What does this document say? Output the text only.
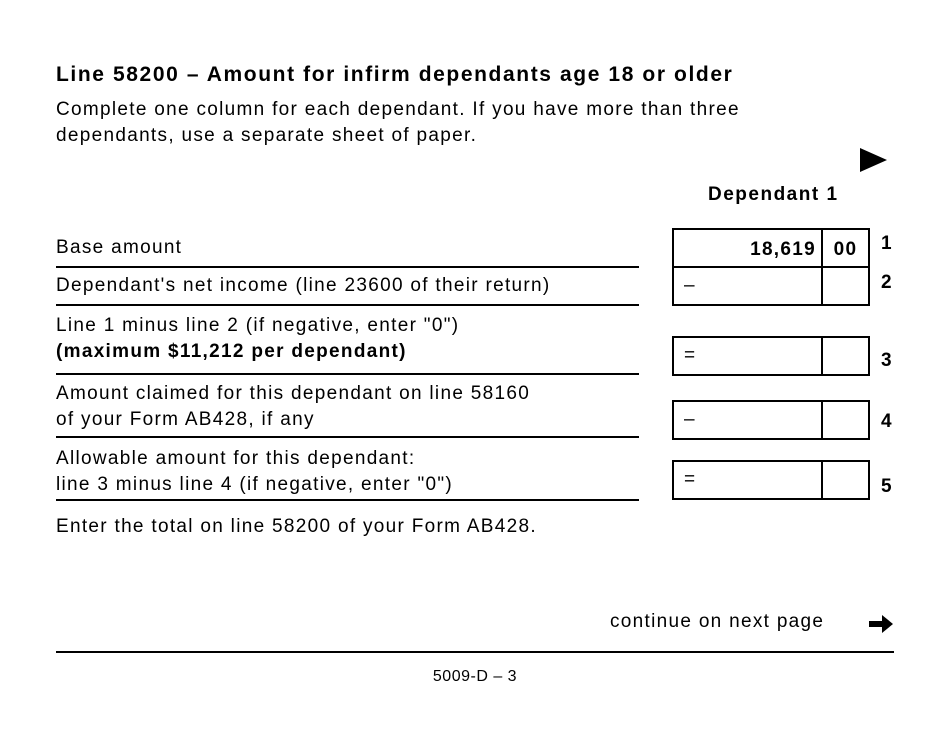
Line 58200 – Amount for infirm dependants age 18 or older
Complete one column for each dependant. If you have more than three
dependants, use a separate sheet of paper.
Dependant 1
Base amount	18,619 00	1
Dependant's net income (line 23600 of their return)	–	2
Line 1 minus line 2 (if negative, enter "0")
(maximum $11,212 per dependant)	=	3
Amount claimed for this dependant on line 58160
of your Form AB428, if any	–	4
Allowable amount for this dependant:
line 3 minus line 4 (if negative, enter "0")	=	5
Enter the total on line 58200 of your Form AB428.
continue on next page
5009-D – 3
